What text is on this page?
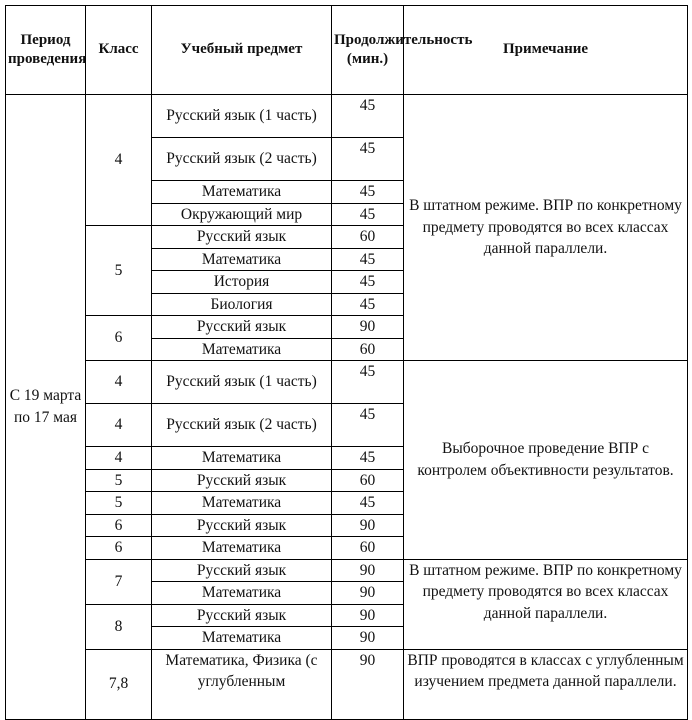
Период проведения	Класс	Учебный предмет	Продолжительность (мин.)	Примечание
С 19 марта по 17 мая	4	Русский язык (1 часть)	45	В штатном режиме. ВПР по конкретному предмету проводятся во всех классах данной параллели.
		Русский язык (2 часть)	45	
		Математика	45	
		Окружающий мир	45	
	5	Русский язык	60	
		Математика	45	
		История	45	
		Биология	45	
	6	Русский язык	90	
		Математика	60	
	4	Русский язык (1 часть)	45	Выборочное проведение ВПР с контролем объективности результатов.
	4	Русский язык (2 часть)	45	
	4	Математика	45	
	5	Русский язык	60	
	5	Математика	45	
	6	Русский язык	90	
	6	Математика	60	
	7	Русский язык	90	В штатном режиме. ВПР по конкретному предмету проводятся во всех классах данной параллели.
		Математика	90	
	8	Русский язык	90	
		Математика	90	
	7,8	Математика, Физика (с углубленным	90	ВПР проводятся в классах с углубленным изучением предмета данной параллели.
